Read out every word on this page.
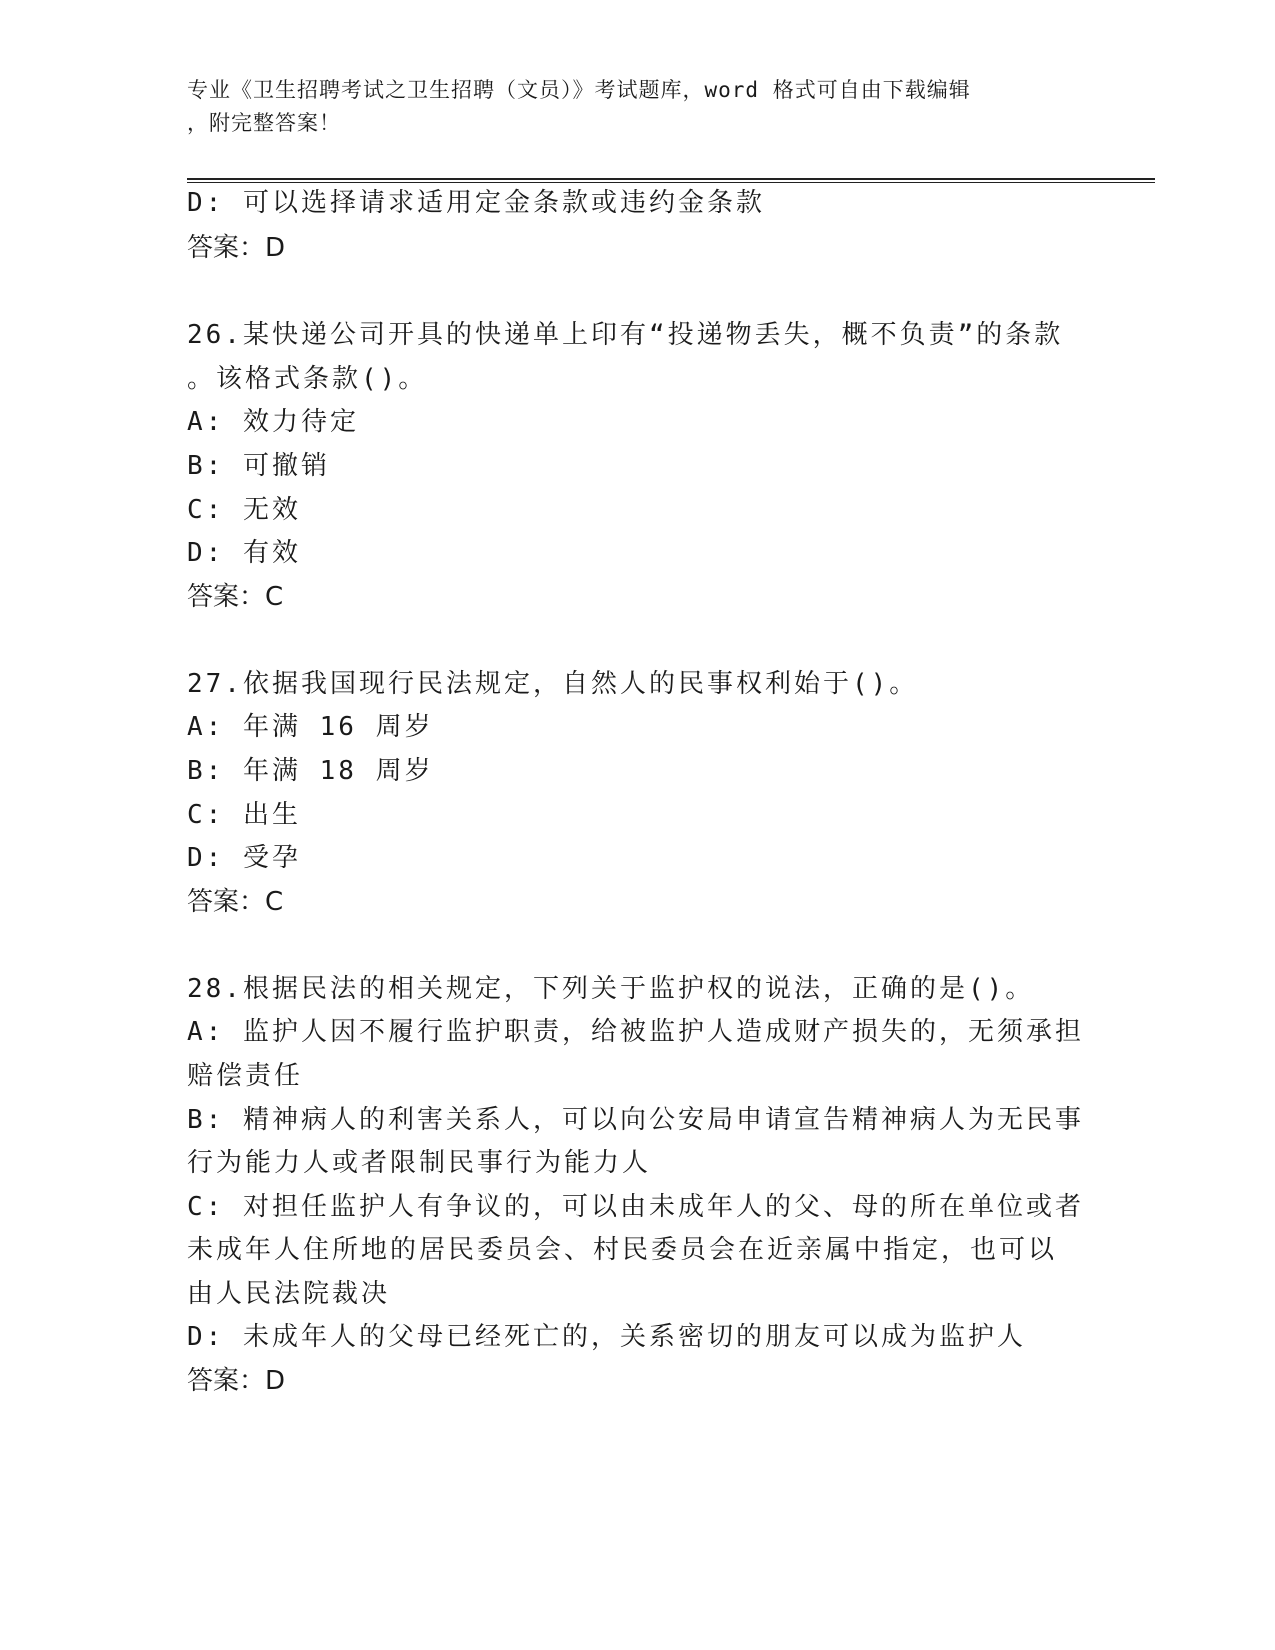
专业《卫生招聘考试之卫生招聘（文员）》考试题库，word 格式可自由下载编辑
，附完整答案！
D: 可以选择请求适用定金条款或违约金条款
答案：D
26.某快递公司开具的快递单上印有“投递物丢失，概不负责”的条款
。该格式条款()。
A: 效力待定
B: 可撤销
C: 无效
D: 有效
答案：C
27.依据我国现行民法规定，自然人的民事权利始于()。
A: 年满 16 周岁
B: 年满 18 周岁
C: 出生
D: 受孕
答案：C
28.根据民法的相关规定，下列关于监护权的说法，正确的是()。
A: 监护人因不履行监护职责，给被监护人造成财产损失的，无须承担
赔偿责任
B: 精神病人的利害关系人，可以向公安局申请宣告精神病人为无民事
行为能力人或者限制民事行为能力人
C: 对担任监护人有争议的，可以由未成年人的父、母的所在单位或者
未成年人住所地的居民委员会、村民委员会在近亲属中指定，也可以
由人民法院裁决
D: 未成年人的父母已经死亡的，关系密切的朋友可以成为监护人
答案：D
